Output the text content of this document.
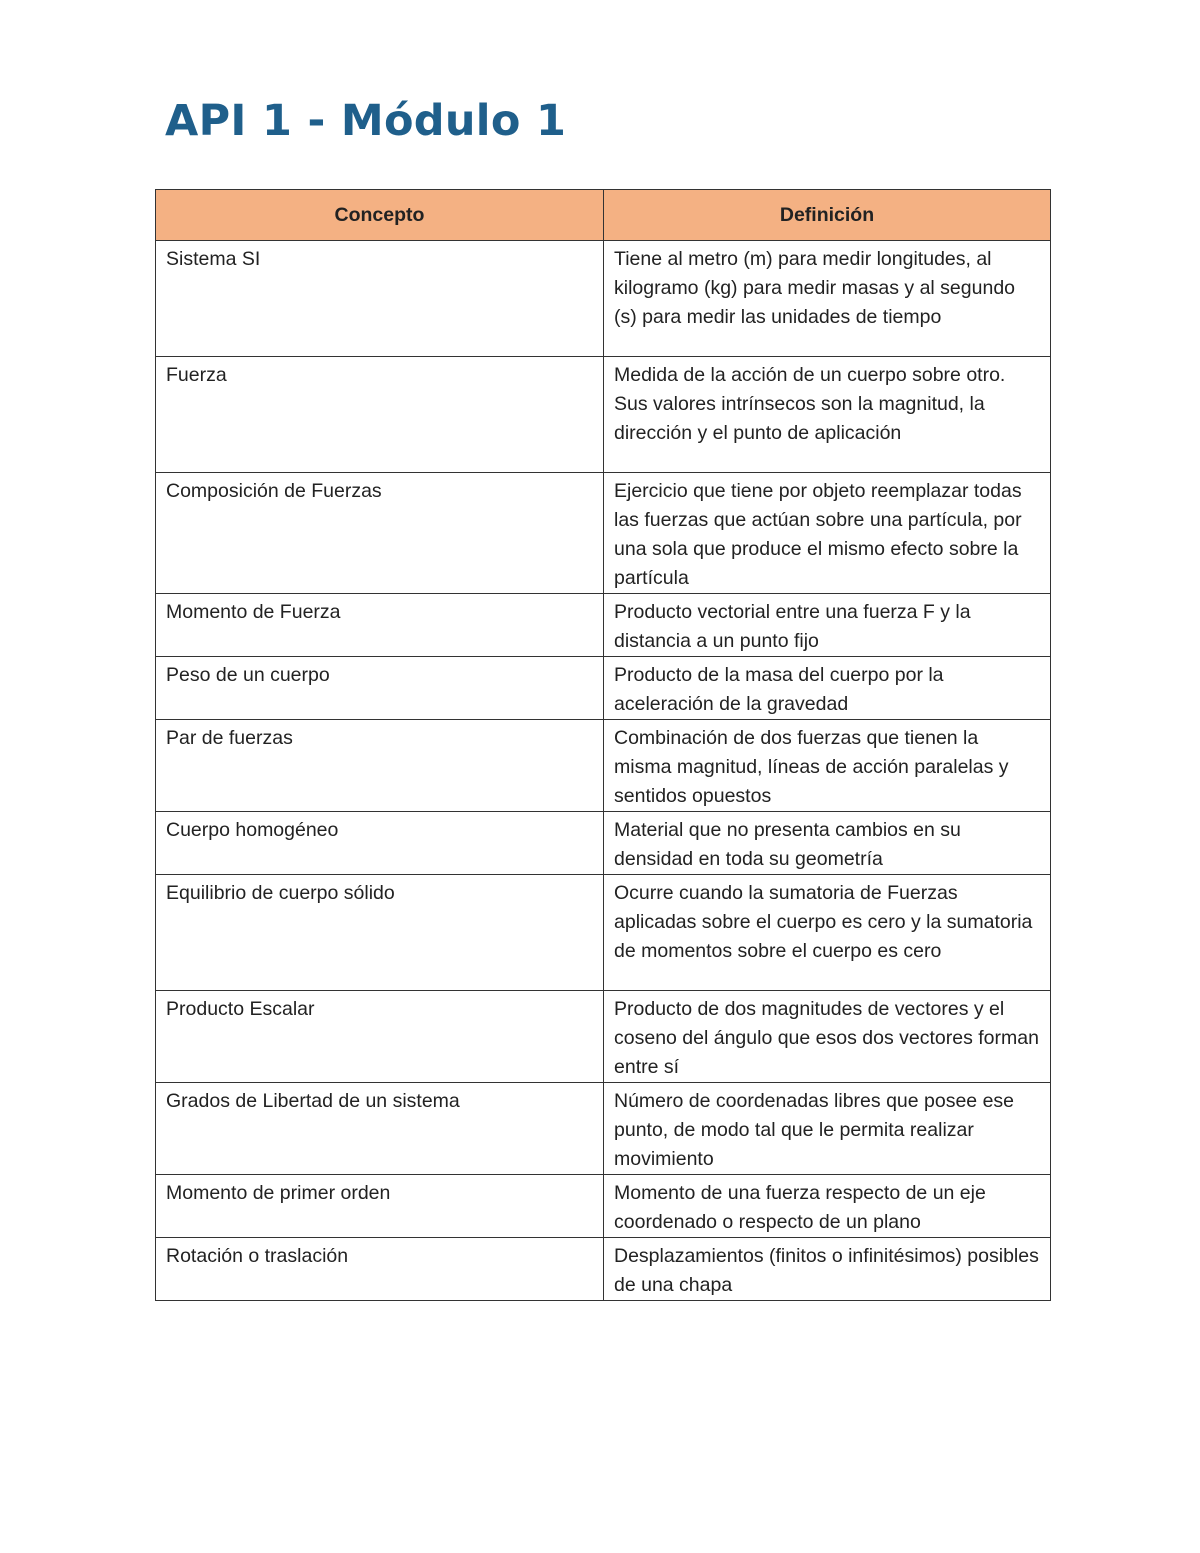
API 1 - Módulo 1
Concepto	Definición
Sistema SI	Tiene al metro (m) para medir longitudes, al kilogramo (kg) para medir masas y al segundo (s) para medir las unidades de tiempo
Fuerza	Medida de la acción de un cuerpo sobre otro. Sus valores intrínsecos son la magnitud, la dirección y el punto de aplicación
Composición de Fuerzas	Ejercicio que tiene por objeto reemplazar todas las fuerzas que actúan sobre una partícula, por una sola que produce el mismo efecto sobre la partícula
Momento de Fuerza	Producto vectorial entre una fuerza F y la distancia a un punto fijo
Peso de un cuerpo	Producto de la masa del cuerpo por la aceleración de la gravedad
Par de fuerzas	Combinación de dos fuerzas que tienen la misma magnitud, líneas de acción paralelas y sentidos opuestos
Cuerpo homogéneo	Material que no presenta cambios en su densidad en toda su geometría
Equilibrio de cuerpo sólido	Ocurre cuando la sumatoria de Fuerzas aplicadas sobre el cuerpo es cero y la sumatoria de momentos sobre el cuerpo es cero
Producto Escalar	Producto de dos magnitudes de vectores y el coseno del ángulo que esos dos vectores forman entre sí
Grados de Libertad de un sistema	Número de coordenadas libres que posee ese punto, de modo tal que le permita realizar movimiento
Momento de primer orden	Momento de una fuerza respecto de un eje coordenado o respecto de un plano
Rotación o traslación	Desplazamientos (finitos o infinitésimos) posibles de una chapa
